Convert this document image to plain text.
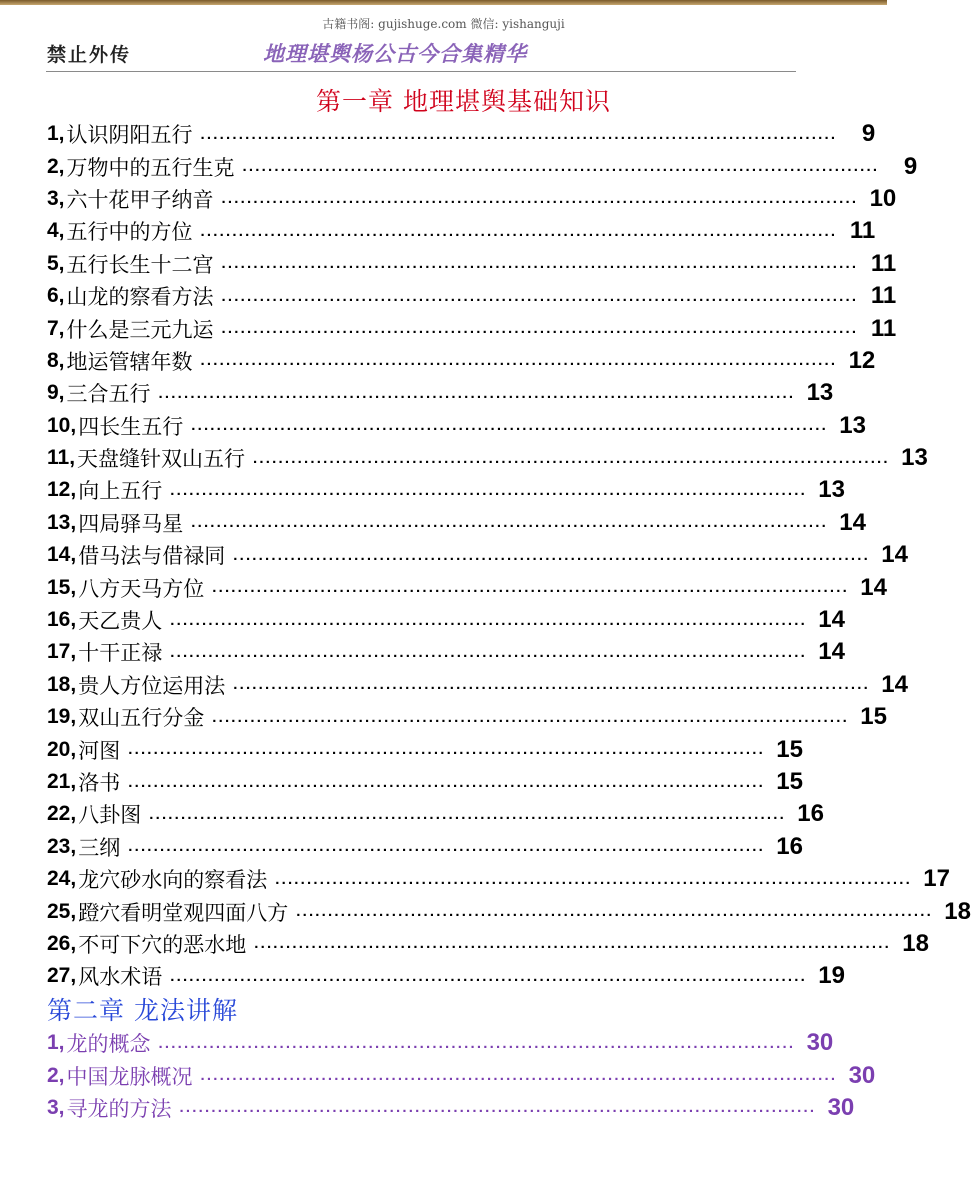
古籍书阁: gujishuge.com 微信: yishanguji
禁止外传	地理堪舆杨公古今合集精华
第一章 地理堪舆基础知识
1, 认识阴阳五行 ....................................................................................................	9
2, 万物中的五行生克 ....................................................................................................	9
3, 六十花甲子纳音 .................................................................................................... 10
4, 五行中的方位 .................................................................................................... 11
5, 五行长生十二宫 .................................................................................................... 11
6, 山龙的察看方法 .................................................................................................... 11
7, 什么是三元九运 .................................................................................................... 11
8, 地运管辖年数 .................................................................................................... 12
9, 三合五行 .................................................................................................... 13
10, 四长生五行 .................................................................................................... 13
11, 天盘缝针双山五行 .................................................................................................... 13
12, 向上五行 .................................................................................................... 13
13, 四局驿马星 .................................................................................................... 14
14, 借马法与借禄同 .................................................................................................... 14
15, 八方天马方位 .................................................................................................... 14
16, 天乙贵人 .................................................................................................... 14
17, 十干正禄 .................................................................................................... 14
18, 贵人方位运用法 .................................................................................................... 14
19, 双山五行分金 .................................................................................................... 15
20, 河图 .................................................................................................... 15
21, 洛书 .................................................................................................... 15
22, 八卦图 .................................................................................................... 16
23, 三纲 .................................................................................................... 16
24, 龙穴砂水向的察看法 .................................................................................................... 17
25, 蹬穴看明堂观四面八方 .................................................................................................... 18
26, 不可下穴的恶水地 .................................................................................................... 18
27, 风水术语 .................................................................................................... 19
第二章 龙法讲解
1, 龙的概念 .................................................................................................... 30
2, 中国龙脉概况 .................................................................................................... 30
3, 寻龙的方法 .................................................................................................... 30
